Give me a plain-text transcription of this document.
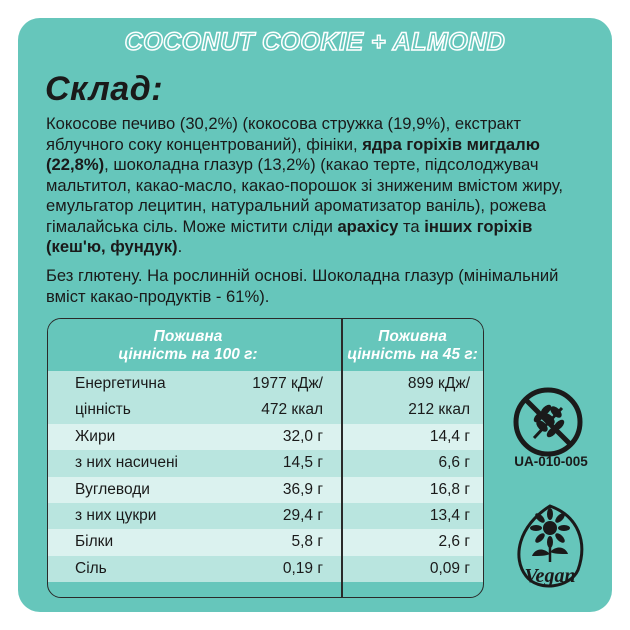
COCONUT COOKIE + ALMOND
Склад:
Кокосове печиво (30,2%) (кокосова стружка (19,9%), екстракт яблучного соку концентрований), фініки, ядра горіхів мигдалю (22,8%), шоколадна глазур (13,2%) (какао терте, підсолоджувач мальтитол, какао-масло, какао-порошок зі зниженим вмістом жиру, емульгатор лецитин, натуральний ароматизатор ваніль), рожева гімалайська сіль. Може містити сліди арахісу та інших горіхів (кеш'ю, фундук).
Без глютену. На рослинній основі. Шоколадна глазур (мінімальний вміст какао-продуктів - 61%).
Поживна
цінність на 100 г:
Поживна
цінність на 45 г:
Енергетична	1977 кДж/	899 кДж/
цінність	472 ккал	212 ккал
Жири	32,0 г	14,4 г
з них насичені	14,5 г	6,6 г
Вуглеводи	36,9 г	16,8 г
з них цукри	29,4 г	13,4 г
Білки	5,8 г	2,6 г
Сіль	0,19 г	0,09 г
UA-010-005
Vegan
